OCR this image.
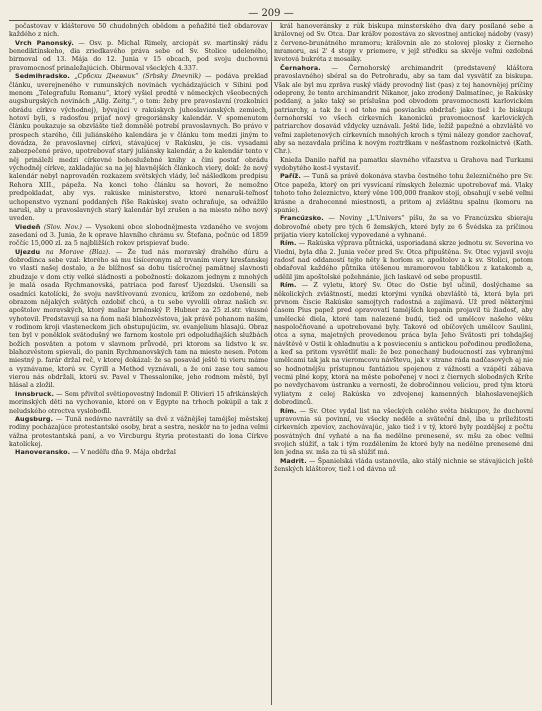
— 209 —

počastovav v klášterove 50 chudobných obědom a peňažité tiež obdarovav každého z nich.

Vrch Panonský. — Osv. p. Michal Rimely, arciopát sv. martinský rádu benediktínskeho, dia zriedkavého práva sebe od Sv. Stolice udeleného, birmoval od 13. Mája do 12. Junia v 15 obcach, pod svoju duchovnú pravomocnosť prinaležajúcich. Obirmoval všeckých 4.337.

Sedmihradsko. „Србски Дневник“ (Srbsky Dnevnik) — podáva preklad článku, uverejneného v rumunských novinách vychádzajúcich v Sibini pod menom „Telegrafulu Romanu“, ktorý vyšiel predtě v německých všeobecných augsburgských novinách „Allg. Zeitg.“, o tom: žeby pre pravoslavní (rozkolníci obrádu církve východnej), bývajúci v rakúskych juhoslavianských zemiech, hotoví byli, s radosťou prijať nový gregoriánsky kalendár. V spomenutom článku poukazuje sa obzvlášte tiež domnělé potrebí pravoslavnych. Bo právo v prospech starého, čili juliánského kalendára je v článku tom medzi jiným to dovádza, že pravoslavnej církvi, stávajúcej v Rakúsku, je cis. vysadami zabezpečené právo, upotrebovať starý juliánsky kalendár, a že kalendár tento v něj prináleží medzi církevné bohoslužebné knihy a čini postať obrádu východněj církve, zakladajúc sa na jej hlavnějších článkoch viery, dokl: že nový kalendár nebyl naprovaděn rozkazem světských vlády, leč nášledkom predpisu Rehora XIII., pápeža. Na konci toho článku sa hovori, že nemožno predpokladat, aby vys. rakúske ministerstvo, ktoré nenaruši-teľnosť uchopenstvo vyznaní poddaných říše Rakúskej svato ochraňuje, sa odvážilo naruši, aby u pravoslavných starý kalendár byl zrušen a na miesto něho nový uveden.

Viedeň (Slov. Nov.) — Vysokeni obce slobodnějmesta vzdaného ve svojom zasedaní od 3. Junia, že k oprave hlavního chrámu sv. Štefana, počnúc od 1859 roččíc 15,000 zl. za 5 najbližších rokov prispievať bude.

Ujezdu na Morave (Blaz). — Že tud nás moravský drahého dúru a dobrodinca sebe vzal: ktorého sá mu tísíceronym až trvaním viery kresťanskej vo vlastí našej dostalo, a že blížnosť sa dobu tisícročnej pamätnej slavnosti zbudzaje v dom ctiy velké sládnosti a pobožností: dokazom jednym z mnohých je malá osada Rychmanovská, patriaca pod faresť Ujezdskú. Usensili sa osadníci katolícki, že svoju navštívovanú zvonicu, krížom zo ozdobené, neb obrazom nějakých svätých ozdobiť chcú, a tu sebe vyvolili obraz našich sv. apoštolov moravských, ktorý maliar brněnský P. Hubner za 25 zl.str. vkusné vyhotovil. Predstavují sa na ňom naši blahozvěstova, jak právě pohanom naším, v rodinom kroji vlasteneckom jich obstupujúcim, sv. evanjelium hlasajú. Obraz ten byl v poněklok svätodušný we farnom kostole pri odpoludňajších službách božích posväten a potom v slavnom průvodě, pri ktorom sa lidstvo k sv. blahozvěstom spievali, do panin Rychmanovských tam na miesto nesen. Potom miestný p. farár držal reč, v ktorej dokázal: že sa posavád ještě tú vieru máme a vyznávame, ktorú sv. Cyrill a Method vyznávali, a že oni zase tou samou vierou nás obdržali, ktorú sv. Pavel v Thessalonike, jeho rodnom městě, byl hlásal a zložil.

Innsbruck. — Sem přivítol světiopovestný Indomil P. Olivieri 15 afrikánských morinských děti na vychovanie, ktoré on v Egypte na trhoch pokúpil a tak z neludského otroctva vysloboďil.

Augsburg. — Tunä nedávno navrátily sa dvě z vážnějšej tamějšej městskej rodiny pocházajúce protestantské osoby, brat a sestra, neskôr na to jedna velmi vážna protestantská paní, a vo Vircburgu štyria protestanti do lona Církve katolíckej.

Hanoveransko. — V neděľu dňa 9. Mája obdržal

král hanoveránsky z rúk biskupa minsterského dva dary posílané sebe a královnej od Sv. Otca. Dar kráľov pozostáva zo skvostnej antickej nádoby (vasy) z červeno-brunátného mramoru; kráľovnin ale zo stolovej plosky z čierneho mramoru, asi 2' 4 stopy v priemere, v jejž středku sa skvěje veľmi ozdobná kvetová bukréta z mosaiky.

Černahora. — Černohorský archimandrit (predstavený kláštora pravoslavného) sbéral sa do Petrohradu, aby sa tam dal vysvätiť za biskupa. Však ale byl mu zpräva ruský vlády provodný list (pas) z tej hanovnějej príčiny odepreny, že tento archimandrit Nikanor, jako zrodený Dalmatínec, je Rakúsky poddaný, a jako taký se príslušna pod obvodom pravomocnosti karlovickém patriarchy, a tak že i od toho má posviacku obdržať: jako tiež i že biskupi černohorskí vo všech církevních kanonickú pravomocnosť karlovických patriarchov dosavád vždycky uznávali. Ještě lide, ležíž papežné a obzvláště vo veľmi zapletenových církevních mnohých kroch s tými nálezy gondor zachovať, aby sa nezavdala príčina k novým roztržkam v nešťastnom rozkolnictvě (Kath. Chr.).

Knieža Danilo naříd na pamatku slavného víťazstva u Grahova nad Turkami vydobytého kost-l vystaviť.

Paříž. — Tunä sa právě dokonáva stavba čestného tohu železničného pre Sv. Otce papeža, ktorý on pri vysvícaní rímskych železnic upotrebovať má. Vlaky tohoto toho železnictvo, který věne 100,000 frankov stojí, obsahují v sebě veľmi krásne a drahocenné miestnosti, a pritom aj zvláštnu spalnu (komoru na spanie).

Francúzsko. — Noviny „L'Univers“ píšu, že sa vo Francúzsku sbieraju dobrovoľné obety pre tých 6 žemských, které byly ze 6 Švédska za príčinou prijatia viery katolíckej vypovedané a vyhnané.

Rím. — Rakúska výprava půtnická, usporiadaná skrze jednotu sv. Severina vo Viedni, byla dňa 2. Junia večer pred Sv. Otca připuštěna. Sv. Otec vyjavil svoju radosť nad oddaností tejto něty k horlom sv. apoštolov a k sv. Stolici, potom obdařoval každého půtnika útěšenou mramorovou tabličkou z katakomb a, udělil jim apoštolské požehnánie, jich laskavě od sebe propustil.

Rím. — Z vyletu, ktorý Sv. Otec do Ostie byl učinil, doslýchame sa několických zvláštností, medzi ktorými vyníká obzvláště tá, která byla pri prvnom čiscie Rakúske samojtych radostná a zajímavá. Už pred některými časom Pius papež pred opravovatí tamějších kopanín projavil tú žiadosť, aby umělecké diela, ktoré tam nalezené budú, tiež od umělcov našeho věku naspoločňované a upotrebované byly. Takové od obíčových umělcov Saulini, otca a syna, majetných provedenou práca byla Jeho Svätosti pri tohdajšej návštěvě v Ostii k ohladnutiu a k posvieceniu s antickou pořodinou predložena, a keď sa pritom vysvětliť mali: že bez ponechaný budoucností zas vybranými umělcami tak jak na vieromcovu návštevu, jak v strane ráda nadčasových aj nie so hodnotnějšu prístupnou fantáziou spojenou z vážnosti a vzápětí zábava vecmi plné kopy, ktorá na měste pobořenej v noci z čiernych slobodných Kríte po nevdychavom ústranku a vernosti, že dobročinnou veliciou, pred tým ktorú vyliatym z celej Rakúska vo zdvojenej kamenných blahoslavenejších dobrodinců.

Rím. — Sv. Otec vydal list na všeckých celého světa biskupov, že duchovní upravovnia sú povinní, ve všecky neděle a sväteční dně, iba u príležitosti cirkevních zpevíov, zachovávajúc, jako tiež i v tý, ktoré byly pozdějšej z počtu posvátných dní vyňaté a na ňa nedělne prenesené, sv. mšu za obec veľmi svojich slúžiť, a tak i tým rozdělením že ktoré byly na nedělne prenesené dni len jedna sv. mša za tú sä slúžiť má.

Madrit. — Španielská vláda ustanovila, ako stálý nichnie se stávajúcich ještě ženských kláštorov, tiež i od dávna už
